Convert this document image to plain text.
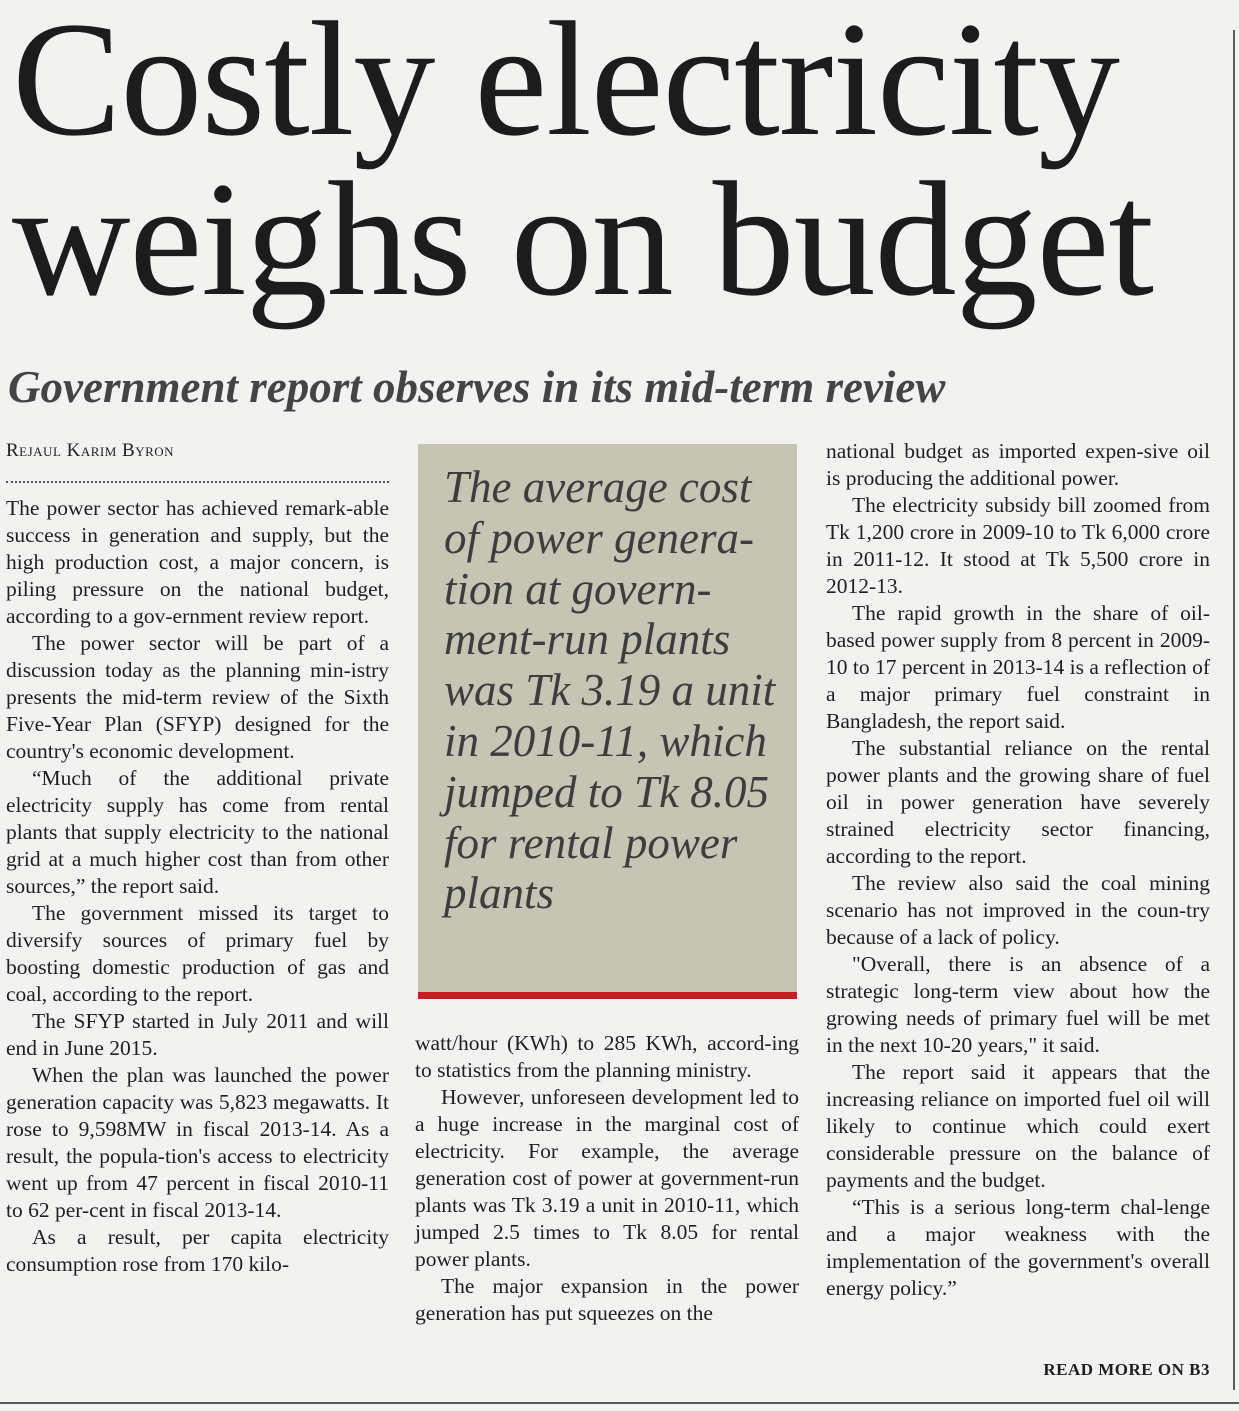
Costly electricity
weighs on budget
Government report observes in its mid-term review
Rejaul Karim Byron

The power sector has achieved remark-able success in generation and supply, but the high production cost, a major concern, is piling pressure on the national budget, according to a gov-ernment review report.

The power sector will be part of a discussion today as the planning min-istry presents the mid-term review of the Sixth Five-Year Plan (SFYP) designed for the country's economic development.

“Much of the additional private electricity supply has come from rental plants that supply electricity to the national grid at a much higher cost than from other sources,” the report said.

The government missed its target to diversify sources of primary fuel by boosting domestic production of gas and coal, according to the report.

The SFYP started in July 2011 and will end in June 2015.

When the plan was launched the power generation capacity was 5,823 megawatts. It rose to 9,598MW in fiscal 2013-14. As a result, the popula-tion's access to electricity went up from 47 percent in fiscal 2010-11 to 62 per-cent in fiscal 2013-14.

As a result, per capita electricity consumption rose from 170 kilo-

The average cost of power genera-tion at govern-ment-run plants was Tk 3.19 a unit in 2010-11, which jumped to Tk 8.05 for rental power plants

watt/hour (KWh) to 285 KWh, accord-ing to statistics from the planning ministry.

However, unforeseen development led to a huge increase in the marginal cost of electricity. For example, the average generation cost of power at government-run plants was Tk 3.19 a unit in 2010-11, which jumped 2.5 times to Tk 8.05 for rental power plants.

The major expansion in the power generation has put squeezes on the

national budget as imported expen-sive oil is producing the additional power.

The electricity subsidy bill zoomed from Tk 1,200 crore in 2009-10 to Tk 6,000 crore in 2011-12. It stood at Tk 5,500 crore in 2012-13.

The rapid growth in the share of oil-based power supply from 8 percent in 2009-10 to 17 percent in 2013-14 is a reflection of a major primary fuel constraint in Bangladesh, the report said.

The substantial reliance on the rental power plants and the growing share of fuel oil in power generation have severely strained electricity sector financing, according to the report.

The review also said the coal mining scenario has not improved in the coun-try because of a lack of policy.

"Overall, there is an absence of a strategic long-term view about how the growing needs of primary fuel will be met in the next 10-20 years," it said.

The report said it appears that the increasing reliance on imported fuel oil will likely to continue which could exert considerable pressure on the balance of payments and the budget.

“This is a serious long-term chal-lenge and a major weakness with the implementation of the government's overall energy policy.”

READ MORE ON B3
